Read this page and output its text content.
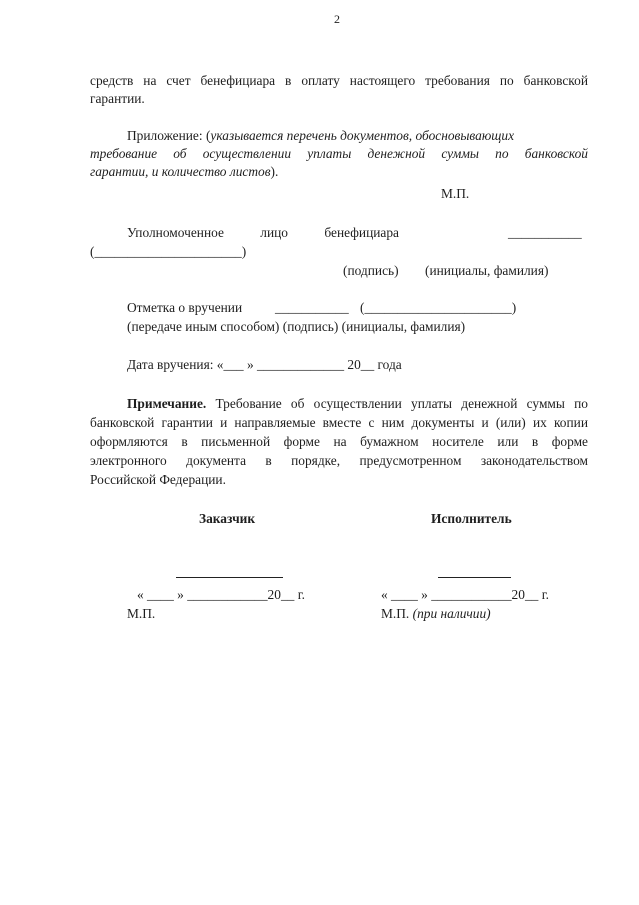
2
средств на счет бенефициара в оплату настоящего требования по банковской
гарантии.
Приложение: (указывается перечень документов, обосновывающих
требование об осуществлении уплаты денежной суммы по банковской
гарантии, и количество листов).
М.П.
Уполномоченное лицо бенефициара	___________
(______________________)
(подпись) (инициалы, фамилия)
Отметка о вручении ___________ (______________________)
(передаче иным способом) (подпись) (инициалы, фамилия)
Дата вручения: «___ » _____________ 20__ года
Примечание. Требование об осуществлении уплаты денежной суммы по
банковской гарантии и направляемые вместе с ним документы и (или) их копии
оформляются в письменной форме на бумажном носителе или в форме
электронного документа в порядке, предусмотренном законодательством
Российской Федерации.
Заказчик	Исполнитель
« ____ » ____________20__ г.	« ____ » ____________20__ г.
М.П.	М.П. (при наличии)
